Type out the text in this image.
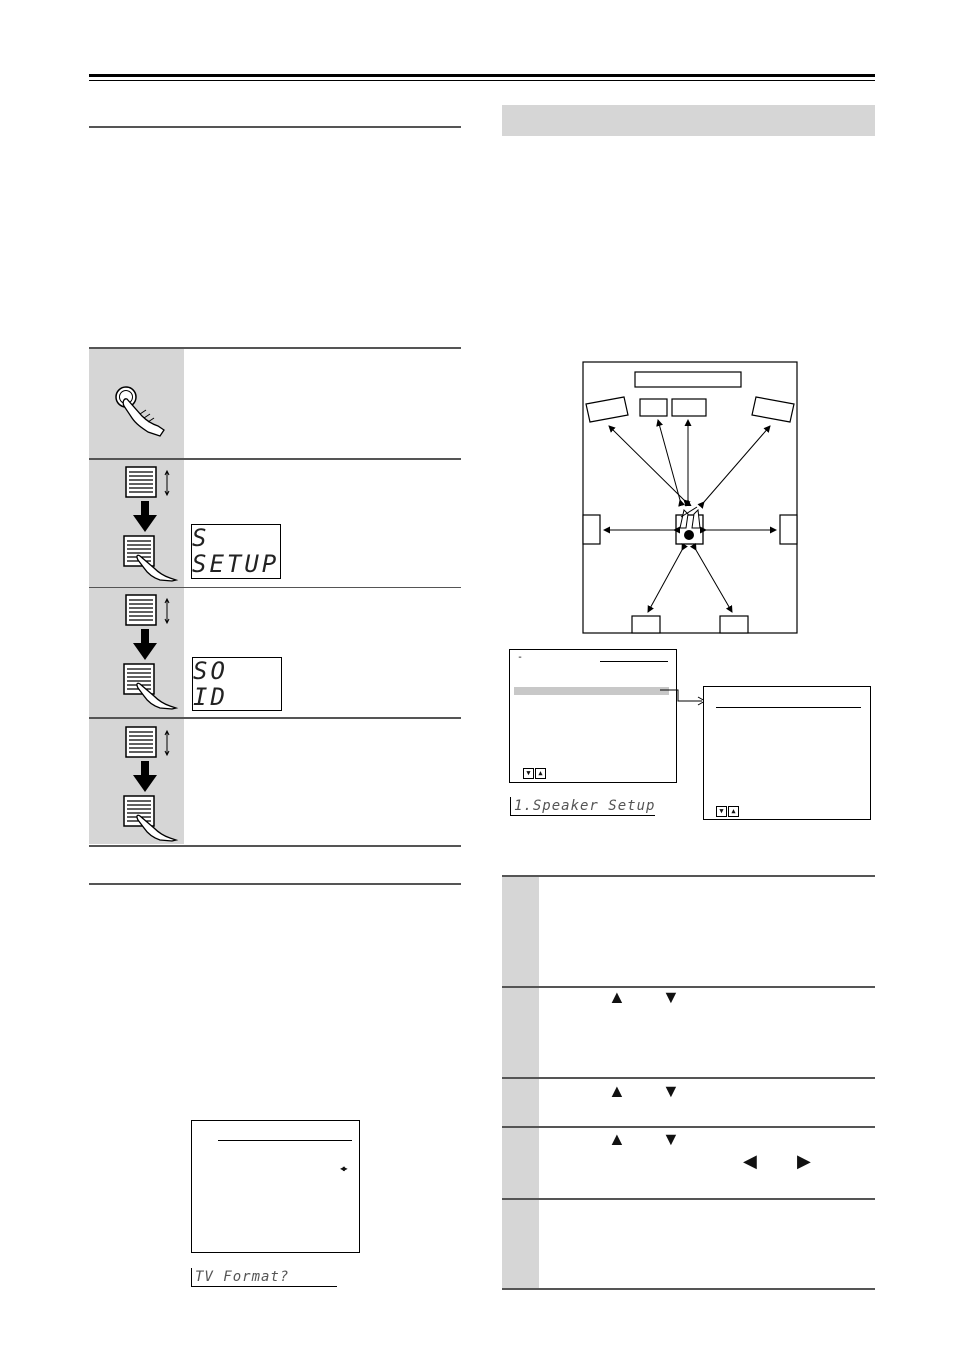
S
SETUP
SO
ID
◀▶
TV Format?
-
▼ ▲
▼ ▲
1.Speaker Setup
▲ ▼
▲ ▼
▲ ▼
◀ ▶
